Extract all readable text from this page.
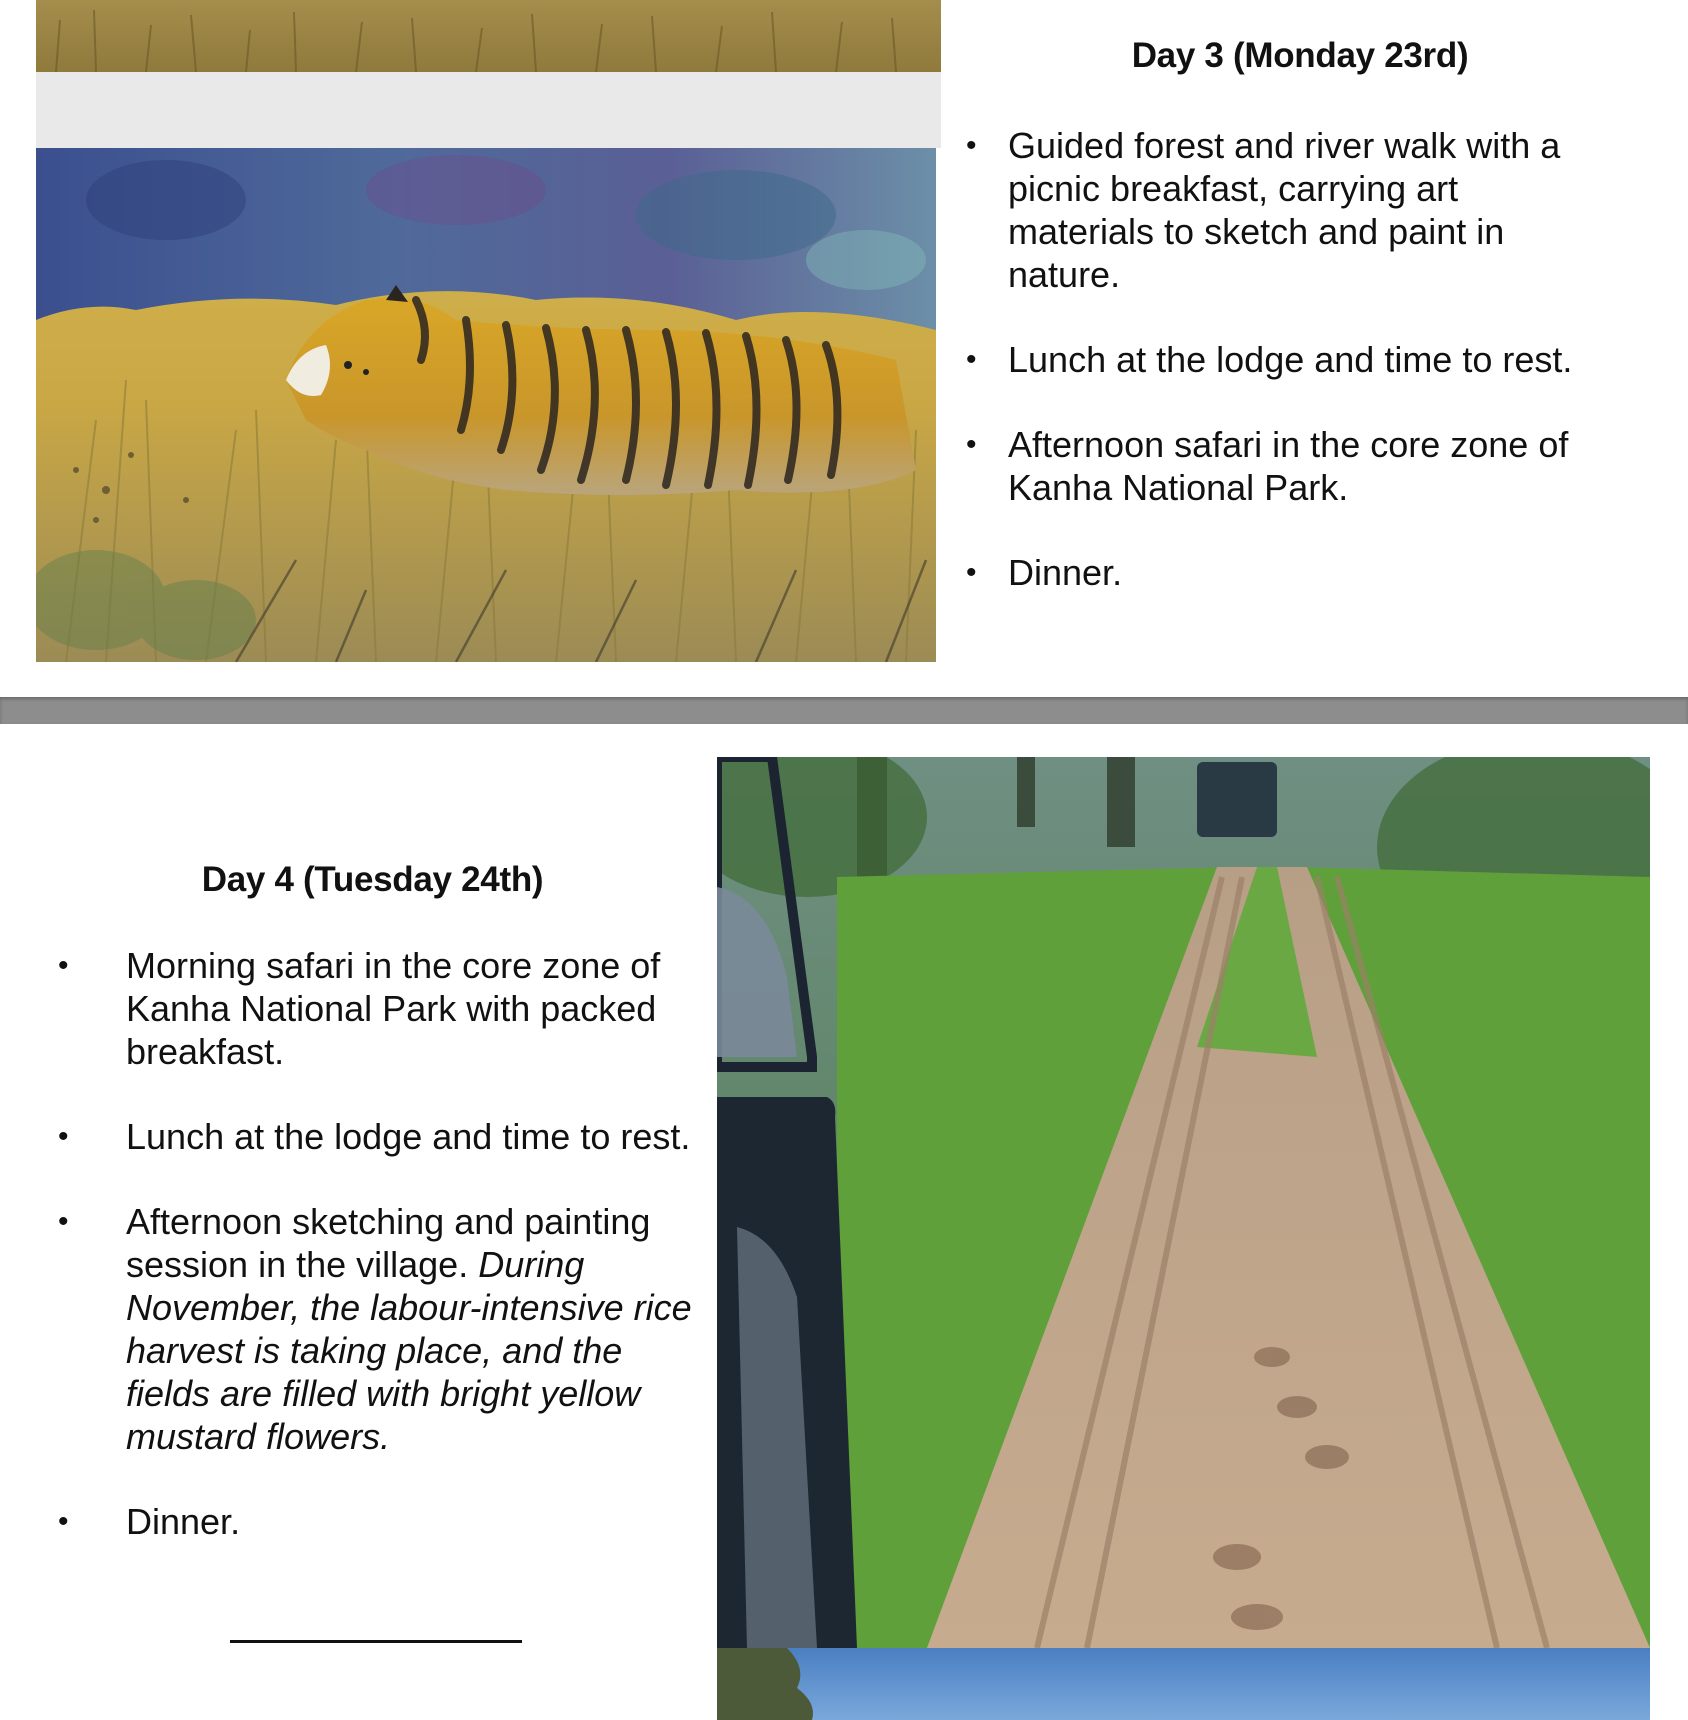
Day 3 (Monday 23rd)
• Guided forest and river walk with a picnic breakfast, carrying art materials to sketch and paint in nature.
• Lunch at the lodge and time to rest.
• Afternoon safari in the core zone of Kanha National Park.
• Dinner.
Day 4 (Tuesday 24th)
• Morning safari in the core zone of Kanha National Park with packed breakfast.
• Lunch at the lodge and time to rest.
• Afternoon sketching and painting session in the village. During November, the labour-intensive rice harvest is taking place, and the fields are filled with bright yellow mustard flowers.
• Dinner.
